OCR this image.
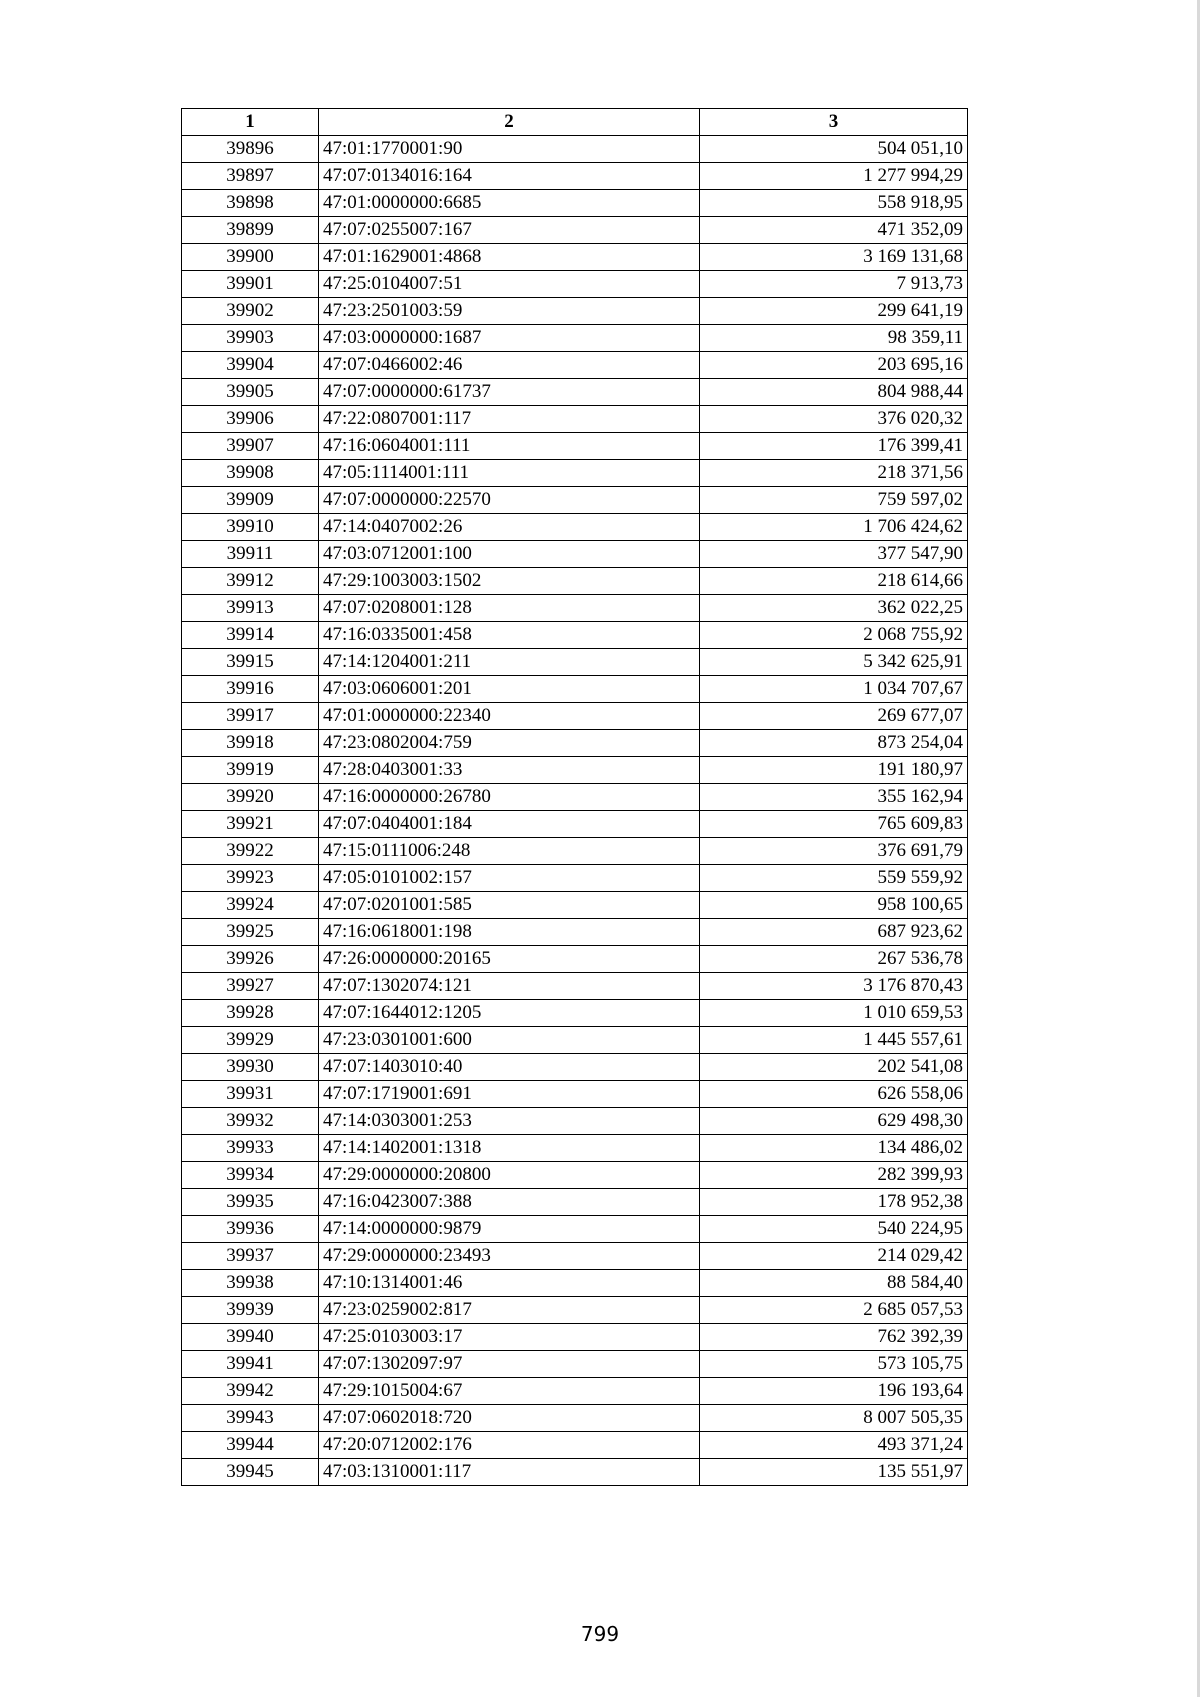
1	2	3
39896	47:01:1770001:90	504 051,10
39897	47:07:0134016:164	1 277 994,29
39898	47:01:0000000:6685	558 918,95
39899	47:07:0255007:167	471 352,09
39900	47:01:1629001:4868	3 169 131,68
39901	47:25:0104007:51	7 913,73
39902	47:23:2501003:59	299 641,19
39903	47:03:0000000:1687	98 359,11
39904	47:07:0466002:46	203 695,16
39905	47:07:0000000:61737	804 988,44
39906	47:22:0807001:117	376 020,32
39907	47:16:0604001:111	176 399,41
39908	47:05:1114001:111	218 371,56
39909	47:07:0000000:22570	759 597,02
39910	47:14:0407002:26	1 706 424,62
39911	47:03:0712001:100	377 547,90
39912	47:29:1003003:1502	218 614,66
39913	47:07:0208001:128	362 022,25
39914	47:16:0335001:458	2 068 755,92
39915	47:14:1204001:211	5 342 625,91
39916	47:03:0606001:201	1 034 707,67
39917	47:01:0000000:22340	269 677,07
39918	47:23:0802004:759	873 254,04
39919	47:28:0403001:33	191 180,97
39920	47:16:0000000:26780	355 162,94
39921	47:07:0404001:184	765 609,83
39922	47:15:0111006:248	376 691,79
39923	47:05:0101002:157	559 559,92
39924	47:07:0201001:585	958 100,65
39925	47:16:0618001:198	687 923,62
39926	47:26:0000000:20165	267 536,78
39927	47:07:1302074:121	3 176 870,43
39928	47:07:1644012:1205	1 010 659,53
39929	47:23:0301001:600	1 445 557,61
39930	47:07:1403010:40	202 541,08
39931	47:07:1719001:691	626 558,06
39932	47:14:0303001:253	629 498,30
39933	47:14:1402001:1318	134 486,02
39934	47:29:0000000:20800	282 399,93
39935	47:16:0423007:388	178 952,38
39936	47:14:0000000:9879	540 224,95
39937	47:29:0000000:23493	214 029,42
39938	47:10:1314001:46	88 584,40
39939	47:23:0259002:817	2 685 057,53
39940	47:25:0103003:17	762 392,39
39941	47:07:1302097:97	573 105,75
39942	47:29:1015004:67	196 193,64
39943	47:07:0602018:720	8 007 505,35
39944	47:20:0712002:176	493 371,24
39945	47:03:1310001:117	135 551,97
799
